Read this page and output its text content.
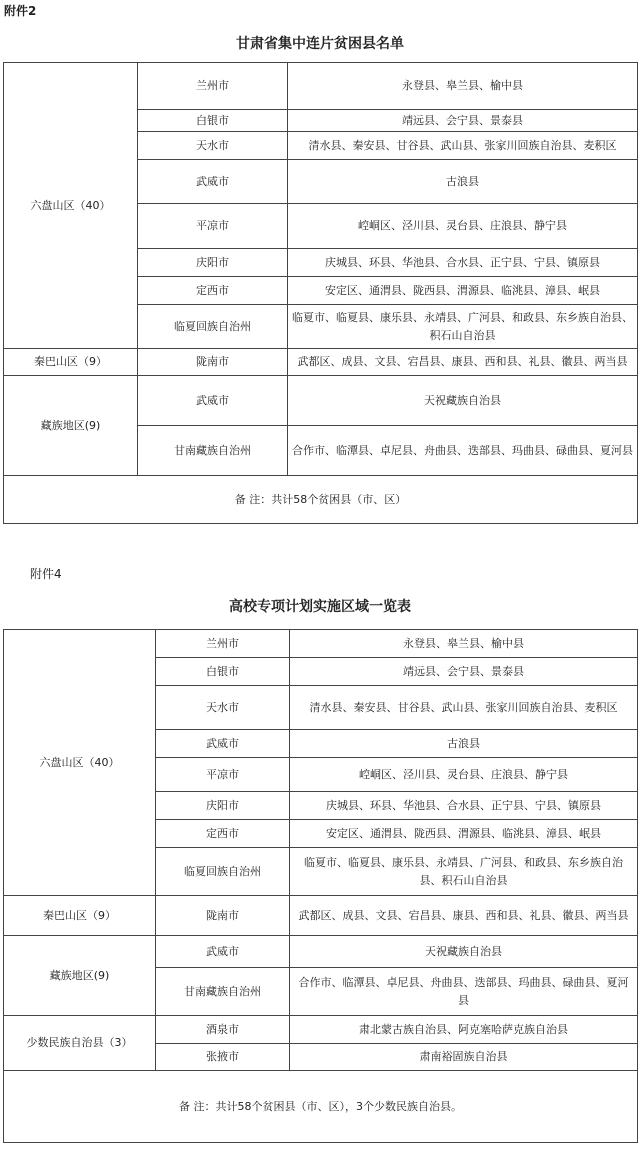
附件2
甘肃省集中连片贫困县名单
六盘山区（40）	兰州市	永登县、皋兰县、榆中县
	白银市	靖远县、会宁县、景泰县
	天水市	清水县、秦安县、甘谷县、武山县、张家川回族自治县、麦积区
	武威市	古浪县
	平凉市	崆峒区、泾川县、灵台县、庄浪县、静宁县
	庆阳市	庆城县、环县、华池县、合水县、正宁县、宁县、镇原县
	定西市	安定区、通渭县、陇西县、渭源县、临洮县、漳县、岷县
	临夏回族自治州	临夏市、临夏县、康乐县、永靖县、广河县、和政县、东乡族自治县、积石山自治县
秦巴山区（9）	陇南市	武都区、成县、文县、宕昌县、康县、西和县、礼县、徽县、两当县
藏族地区(9)	武威市	天祝藏族自治县
	甘南藏族自治州	合作市、临潭县、卓尼县、舟曲县、迭部县、玛曲县、碌曲县、夏河县
备 注：共计58个贫困县（市、区）		
附件4
高校专项计划实施区域一览表
六盘山区（40）	兰州市	永登县、皋兰县、榆中县
	白银市	靖远县、会宁县、景泰县
	天水市	清水县、秦安县、甘谷县、武山县、张家川回族自治县、麦积区
	武威市	古浪县
	平凉市	崆峒区、泾川县、灵台县、庄浪县、静宁县
	庆阳市	庆城县、环县、华池县、合水县、正宁县、宁县、镇原县
	定西市	安定区、通渭县、陇西县、渭源县、临洮县、漳县、岷县
	临夏回族自治州	临夏市、临夏县、康乐县、永靖县、广河县、和政县、东乡族自治县、积石山自治县
秦巴山区（9）	陇南市	武都区、成县、文县、宕昌县、康县、西和县、礼县、徽县、两当县
藏族地区(9)	武威市	天祝藏族自治县
	甘南藏族自治州	合作市、临潭县、卓尼县、舟曲县、迭部县、玛曲县、碌曲县、夏河县
少数民族自治县（3）	酒泉市	肃北蒙古族自治县、阿克塞哈萨克族自治县
	张掖市	肃南裕固族自治县
备 注：共计58个贫困县（市、区），3个少数民族自治县。		
